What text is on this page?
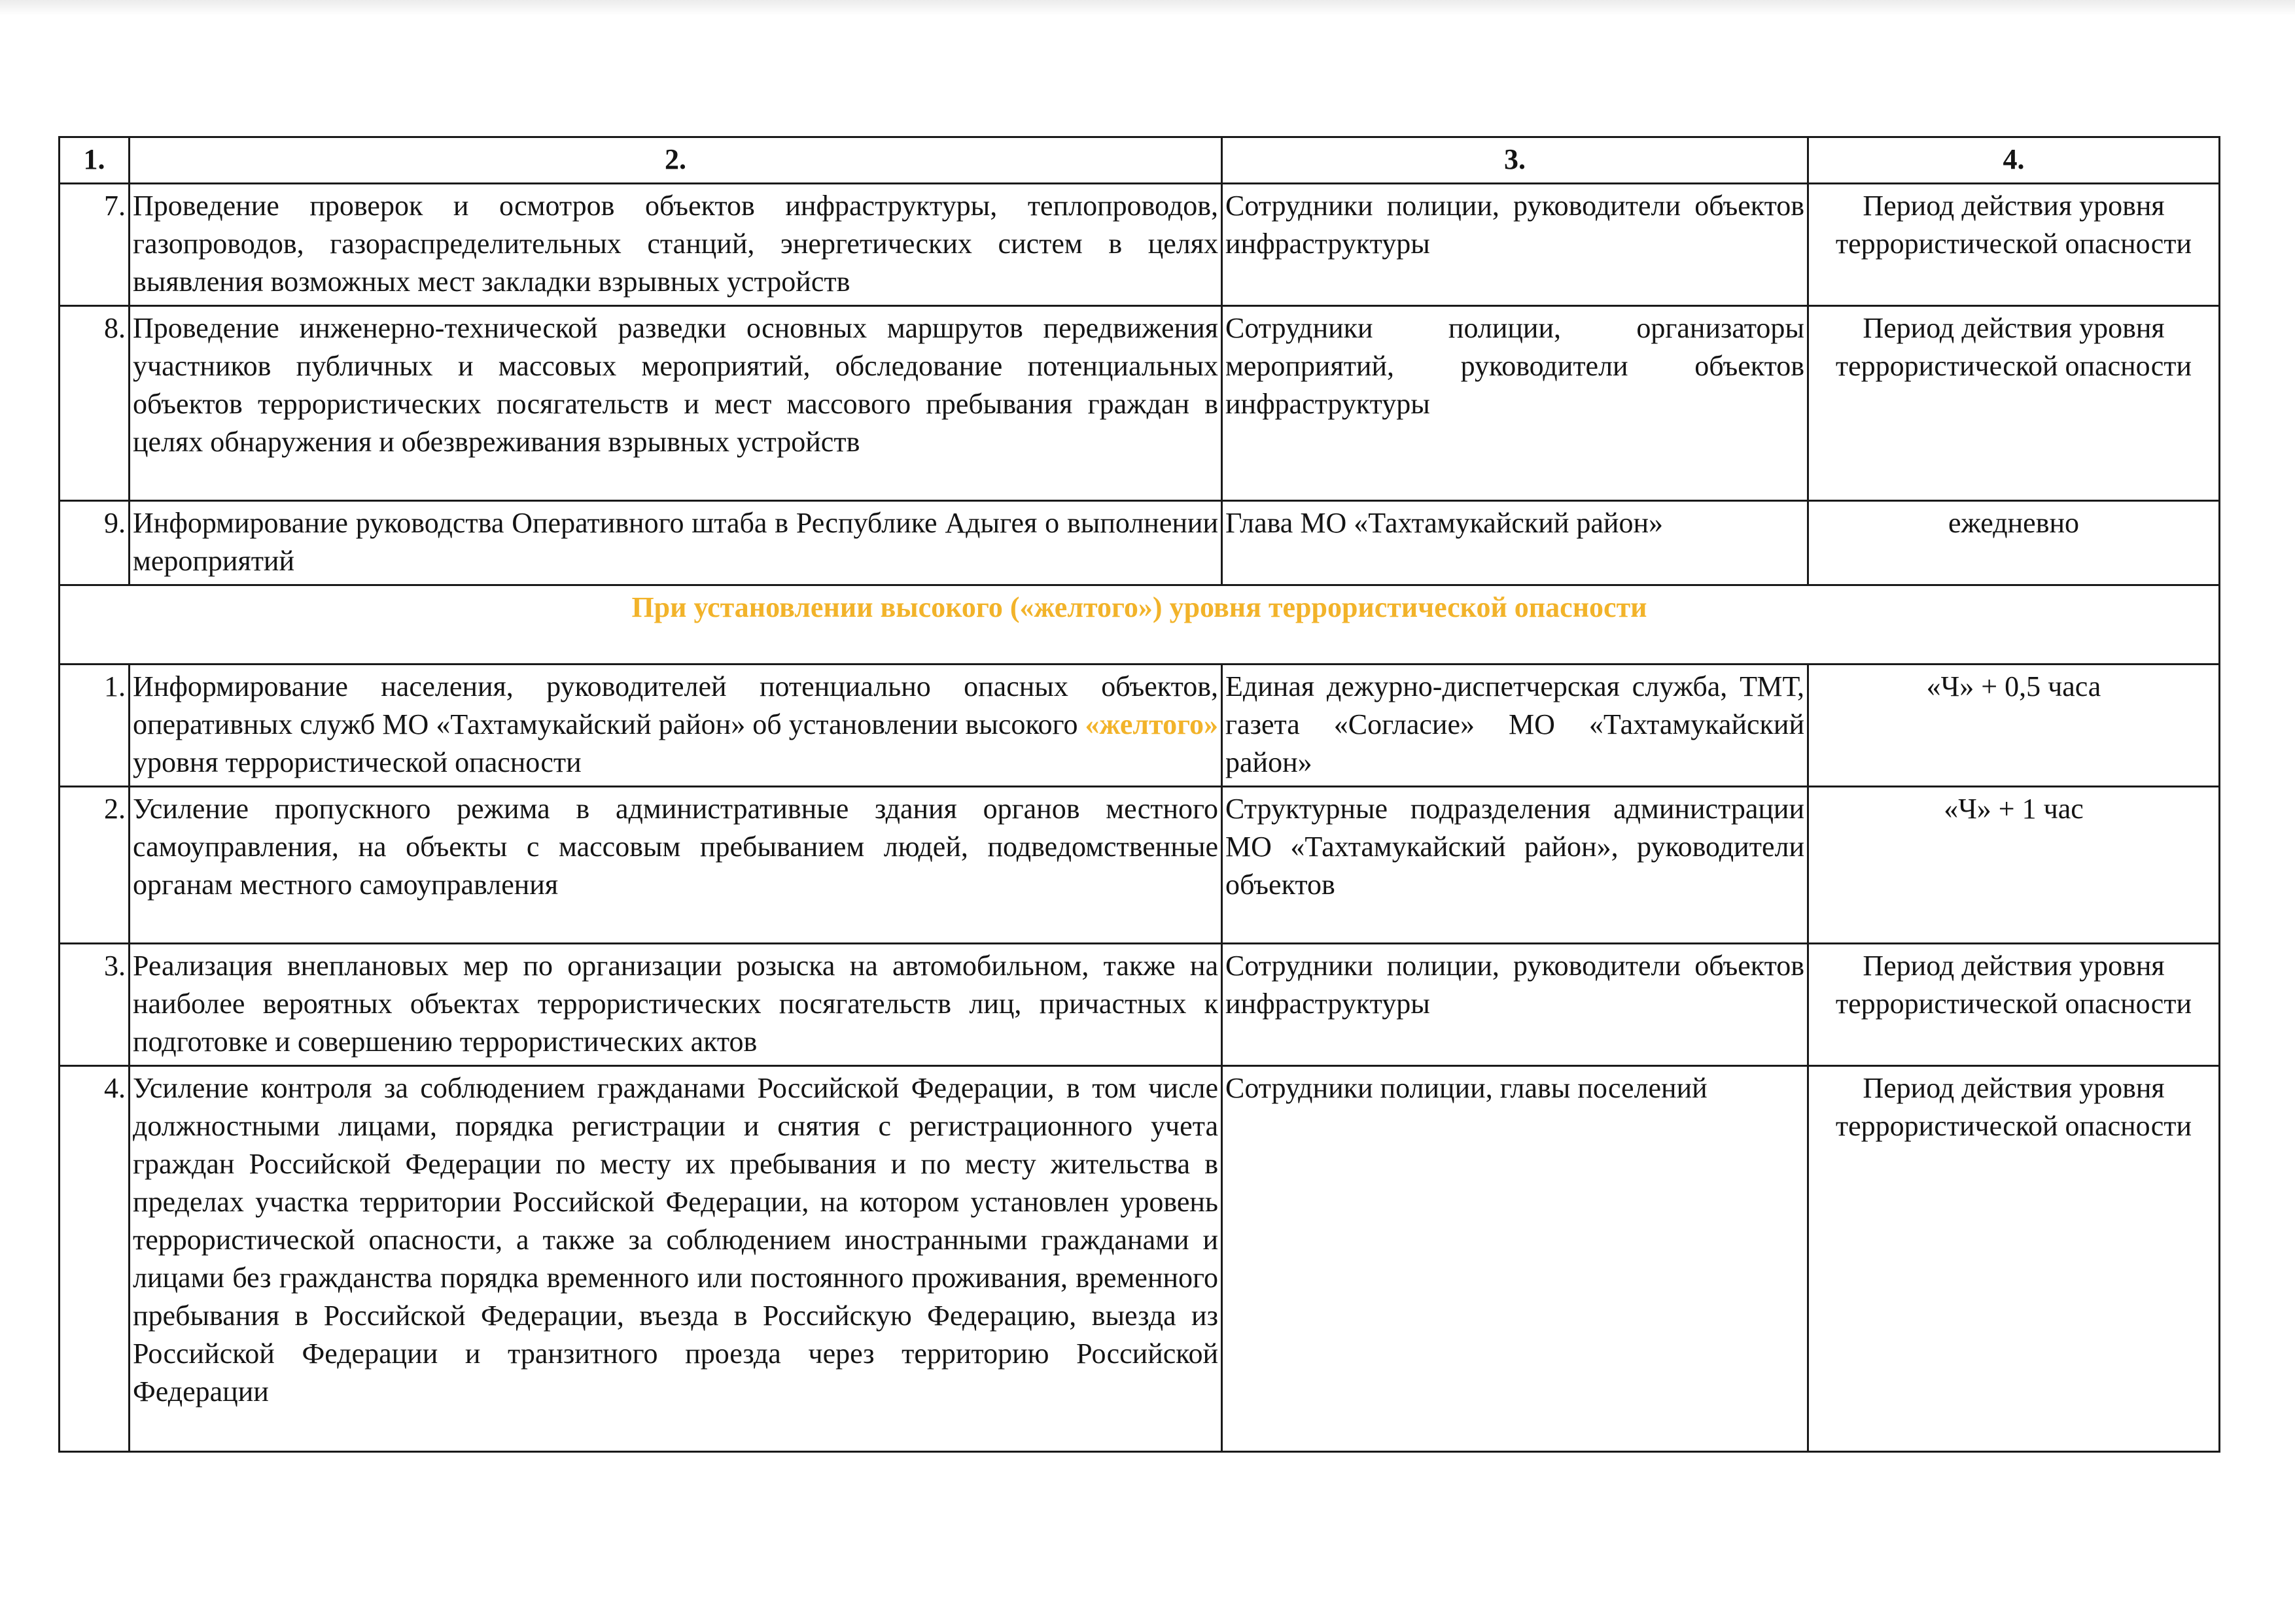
1.	2.	3.	4.
7.	Проведение проверок и осмотров объектов инфраструктуры, теплопроводов, газопроводов, газораспределительных станций, энергетических систем в целях выявления возможных мест закладки взрывных устройств	Сотрудники полиции, руководители объектов инфраструктуры	Период действия уровня террористической опасности
8.	Проведение инженерно-технической разведки основных маршрутов передвижения участников публичных и массовых мероприятий, обследование потенциальных объектов террористических посягательств и мест массового пребывания граждан в целях обнаружения и обезвреживания взрывных устройств	Сотрудники полиции, организаторы мероприятий, руководители объектов инфраструктуры	Период действия уровня террористической опасности
9.	Информирование руководства Оперативного штаба в Республике Адыгея о выполнении мероприятий	Глава МО «Тахтамукайский район»	ежедневно
При установлении высокого («желтого») уровня террористической опасности			
1.	Информирование населения, руководителей потенциально опасных объектов, оперативных служб МО «Тахтамукайский район» об установлении высокого «желтого» уровня террористической опасности	Единая дежурно-диспетчерская служба, ТМТ, газета «Согласие» МО «Тахтамукайский район»	«Ч» + 0,5 часа
2.	Усиление пропускного режима в административные здания органов местного самоуправления, на объекты с массовым пребыванием людей, подведомственные органам местного самоуправления	Структурные подразделения администрации МО «Тахтамукайский район», руководители объектов	«Ч» + 1 час
3.	Реализация внеплановых мер по организации розыска на автомобильном, также на наиболее вероятных объектах террористических посягательств лиц, причастных к подготовке и совершению террористических актов	Сотрудники полиции, руководители объектов инфраструктуры	Период действия уровня террористической опасности
4.	Усиление контроля за соблюдением гражданами Российской Федерации, в том числе должностными лицами, порядка регистрации и снятия с регистрационного учета граждан Российской Федерации по месту их пребывания и по месту жительства в пределах участка территории Российской Федерации, на котором установлен уровень террористической опасности, а также за соблюдением иностранными гражданами и лицами без гражданства порядка временного или постоянного проживания, временного пребывания в Российской Федерации, въезда в Российскую Федерацию, выезда из Российской Федерации и транзитного проезда через территорию Российской Федерации	Сотрудники полиции, главы поселений	Период действия уровня террористической опасности
